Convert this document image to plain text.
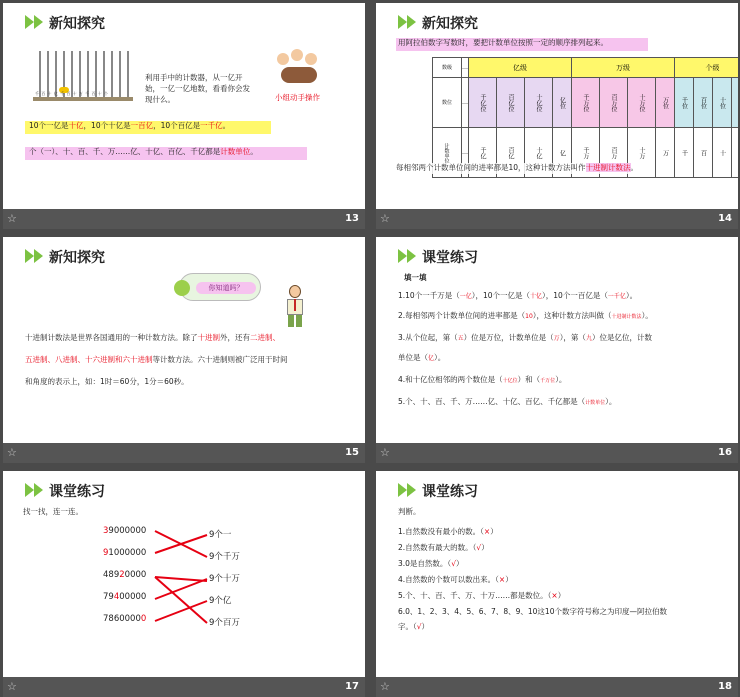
新知探究
千 百 十 亿 千 百 十 万 千 百 十 个
利用手中的计数器，从一亿开始，一亿一亿地数，看看你会发现什么。	小组动手操作
10个一亿是十亿，10个十亿是一百亿，10个百亿是一千亿。
个（一）、十、百、千、万……亿、十亿、百亿、千亿都是计数单位。
☆	13
新知探究
用阿拉伯数字写数时，要把计数单位按照一定的顺序排列起来。
数级	…	亿级				万级				个级			
数位	…	千亿位	百亿位	十亿位	亿位	千万位	百万位	十万位	万位	千位	百位	十位	
计数单位	…	千亿	百亿	十亿	亿	千万	百万	十万	万	千	百	十	
每相邻两个计数单位间的进率都是10，这种计数方法叫作十进制计数法。
☆	14
新知探究
你知道吗？
十进制计数法是世界各国通用的一种计数方法。除了十进制外，还有二进制、
五进制、八进制、十六进制和六十进制等计数方法。六十进制则被广泛用于时间
和角度的表示上，如：1时＝60分，1分＝60秒。
☆	15
课堂练习
填一填
1.10个一千万是（一亿），10个一亿是（十亿），10个一百亿是（一千亿）。
2.每相邻两个计数单位间的进率都是（10），这种计数方法叫做（十进制计数法）。
3.从个位起，第（五）位是万位，计数单位是（万），第（九）位是亿位，计数
单位是（亿）。
4.和十亿位相邻的两个数位是（十亿位）和（千万位）。
5.个、十、百、千、万……亿、十亿、百亿、千亿都是（计数单位）。
☆	16
课堂练习
找一找，连一连。
39000000
91000000
48920000
79400000
78600000
9个一
9个千万
9个十万
9个亿
9个百万
☆	17
课堂练习
判断。
1.自然数没有最小的数。（×）
2.自然数有最大的数。（√）
3.0是自然数。（√）
4.自然数的个数可以数出来。（×）
5.个、十、百、千、万、十万……都是数位。（×）
6.0、1、2、3、4、5、6、7、8、9、10这10个数字符号称之为印度—阿拉伯数
字。（√）
☆	18
